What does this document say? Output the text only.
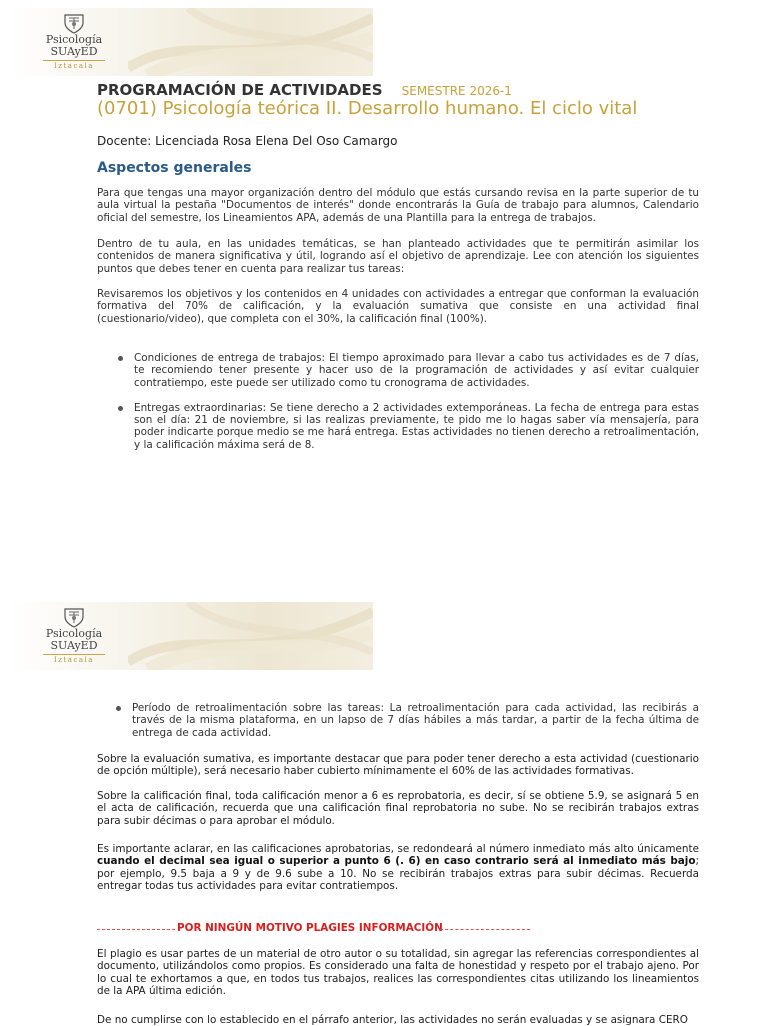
Psicología
SUAyED
Iztacala
PROGRAMACIÓN DE ACTIVIDADES SEMESTRE 2026-1
(0701) Psicología teórica II. Desarrollo humano. El ciclo vital
Docente: Licenciada Rosa Elena Del Oso Camargo
Aspectos generales

Para que tengas una mayor organización dentro del módulo que estás cursando revisa en la parte superior de tu aula virtual la pestaña "Documentos de interés" donde encontrarás la Guía de trabajo para alumnos, Calendario oficial del semestre, los Lineamientos APA, además de una Plantilla para la entrega de trabajos.

Dentro de tu aula, en las unidades temáticas, se han planteado actividades que te permitirán asimilar los contenidos de manera significativa y útil, logrando así el objetivo de aprendizaje. Lee con atención los siguientes puntos que debes tener en cuenta para realizar tus tareas:

Revisaremos los objetivos y los contenidos en 4 unidades con actividades a entregar que conforman la evaluación formativa del 70% de calificación, y la evaluación sumativa que consiste en una actividad final (cuestionario/video), que completa con el 30%, la calificación final (100%).

Condiciones de entrega de trabajos: El tiempo aproximado para llevar a cabo tus actividades es de 7 días, te recomiendo tener presente y hacer uso de la programación de actividades y así evitar cualquier contratiempo, este puede ser utilizado como tu cronograma de actividades.
Entregas extraordinarias: Se tiene derecho a 2 actividades extemporáneas. La fecha de entrega para estas son el día: 21 de noviembre, si las realizas previamente, te pido me lo hagas saber vía mensajería, para poder indicarte porque medio se me hará entrega. Estas actividades no tienen derecho a retroalimentación, y la calificación máxima será de 8.
Psicología
SUAyED
Iztacala
Período de retroalimentación sobre las tareas: La retroalimentación para cada actividad, las recibirás a través de la misma plataforma, en un lapso de 7 días hábiles a más tardar, a partir de la fecha última de entrega de cada actividad.

Sobre la evaluación sumativa, es importante destacar que para poder tener derecho a esta actividad (cuestionario de opción múltiple), será necesario haber cubierto mínimamente el 60% de las actividades formativas.

Sobre la calificación final, toda calificación menor a 6 es reprobatoria, es decir, sí se obtiene 5.9, se asignará 5 en el acta de calificación, recuerda que una calificación final reprobatoria no sube. No se recibirán trabajos extras para subir décimas o para aprobar el módulo.

Es importante aclarar, en las calificaciones aprobatorias, se redondeará al número inmediato más alto únicamente cuando el decimal sea igual o superior a punto 6 (. 6) en caso contrario será al inmediato más bajo; por ejemplo, 9.5 baja a 9 y de 9.6 sube a 10. No se recibirán trabajos extras para subir décimas. Recuerda entregar todas tus actividades para evitar contratiempos.

POR NINGÚN MOTIVO PLAGIES INFORMACIÓN

El plagio es usar partes de un material de otro autor o su totalidad, sin agregar las referencias correspondientes al documento, utilizándolos como propios. Es considerado una falta de honestidad y respeto por el trabajo ajeno. Por lo cual te exhortamos a que, en todos tus trabajos, realices las correspondientes citas utilizando los lineamientos de la APA última edición.

De no cumplirse con lo establecido en el párrafo anterior, las actividades no serán evaluadas y se asignara CERO
